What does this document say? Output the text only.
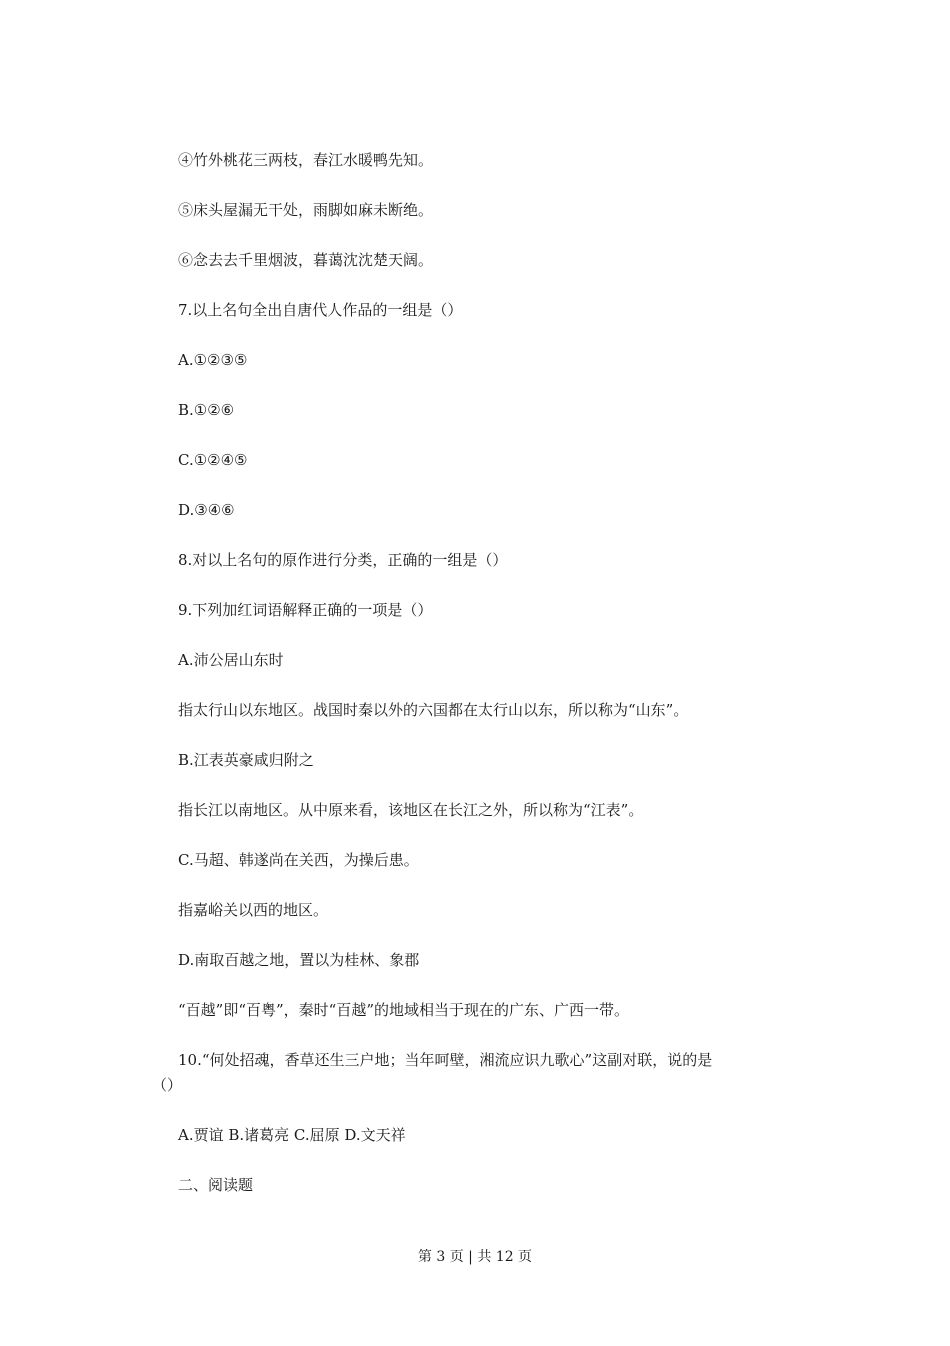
④竹外桃花三两枝，春江水暖鸭先知。
⑤床头屋漏无干处，雨脚如麻未断绝。
⑥念去去千里烟波，暮蔼沈沈楚天阔。
7.以上名句全出自唐代人作品的一组是（）
A.①②③⑤
B.①②⑥
C.①②④⑤
D.③④⑥
8.对以上名句的原作进行分类，正确的一组是（）
9.下列加红词语解释正确的一项是（）
A.沛公居山东时
指太行山以东地区。战国时秦以外的六国都在太行山以东，所以称为“山东”。
B.江表英豪咸归附之
指长江以南地区。从中原来看，该地区在长江之外，所以称为“江表”。
C.马超、韩遂尚在关西，为操后患。
指嘉峪关以西的地区。
D.南取百越之地，置以为桂林、象郡
“百越”即“百粤”，秦时“百越”的地域相当于现在的广东、广西一带。
10.“何处招魂，香草还生三户地；当年呵壁，湘流应识九歌心”这副对联，说的是
（）
A.贾谊 B.诸葛亮 C.屈原 D.文天祥
二、阅读题
第 3 页 | 共 12 页
